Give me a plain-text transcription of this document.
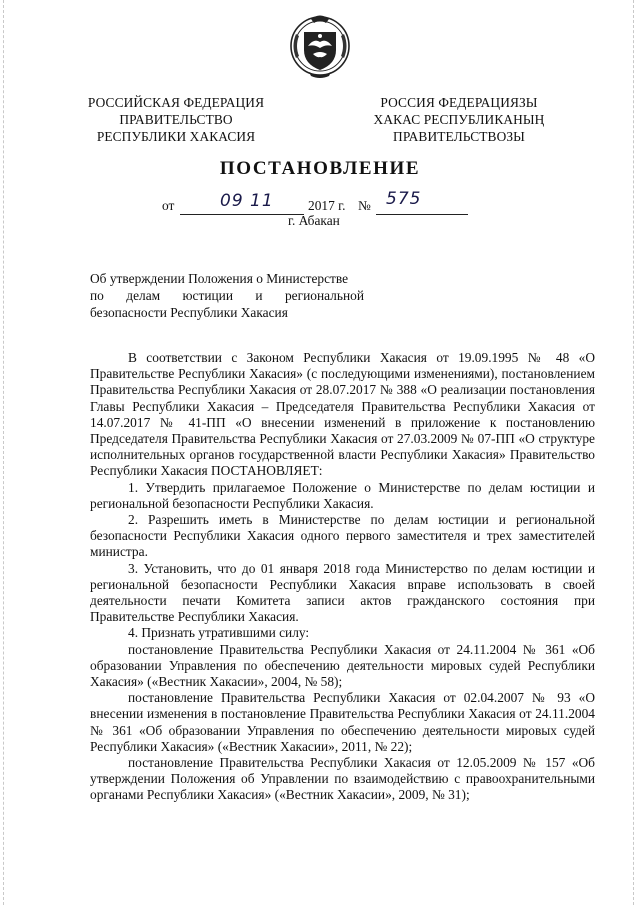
РОССИЙСКАЯ ФЕДЕРАЦИЯ
ПРАВИТЕЛЬСТВО
РЕСПУБЛИКИ ХАКАСИЯ
РОССИЯ ФЕДЕРАЦИЯЗЫ
ХАКАС РЕСПУБЛИКАНЫҢ
ПРАВИТЕЛЬСТВОЗЫ
ПОСТАНОВЛЕНИЕ
от	09 11	2017 г. № 575
г. Абакан

Об утверждении Положения о Министерстве

по делам юстиции и региональной

безопасности Республики Хакасия

В соответствии с Законом Республики Хакасия от 19.09.1995 № 48 «О Правительстве Республики Хакасия» (с последующими изменениями), постановлением Правительства Республики Хакасия от 28.07.2017 № 388 «О реализации постановления Главы Республики Хакасия – Председателя Правительства Республики Хакасия от 14.07.2017 № 41-ПП «О внесении изменений в приложение к постановлению Председателя Правительства Республики Хакасия от 27.03.2009 № 07-ПП «О структуре исполнительных органов государственной власти Республики Хакасия» Правительство Республики Хакасия ПОСТАНОВЛЯЕТ:

1. Утвердить прилагаемое Положение о Министерстве по делам юстиции и региональной безопасности Республики Хакасия.

2. Разрешить иметь в Министерстве по делам юстиции и региональной безопасности Республики Хакасия одного первого заместителя и трех заместителей министра.

3. Установить, что до 01 января 2018 года Министерство по делам юстиции и региональной безопасности Республики Хакасия вправе использовать в своей деятельности печати Комитета записи актов гражданского состояния при Правительстве Республики Хакасия.

4. Признать утратившими силу:

постановление Правительства Республики Хакасия от 24.11.2004 № 361 «Об образовании Управления по обеспечению деятельности мировых судей Республики Хакасия» («Вестник Хакасии», 2004, № 58);

постановление Правительства Республики Хакасия от 02.04.2007 № 93 «О внесении изменения в постановление Правительства Республики Хакасия от 24.11.2004 № 361 «Об образовании Управления по обеспечению деятельности мировых судей Республики Хакасия» («Вестник Хакасии», 2011, № 22);

постановление Правительства Республики Хакасия от 12.05.2009 № 157 «Об утверждении Положения об Управлении по взаимодействию с правоохранительными органами Республики Хакасия» («Вестник Хакасии», 2009, № 31);
